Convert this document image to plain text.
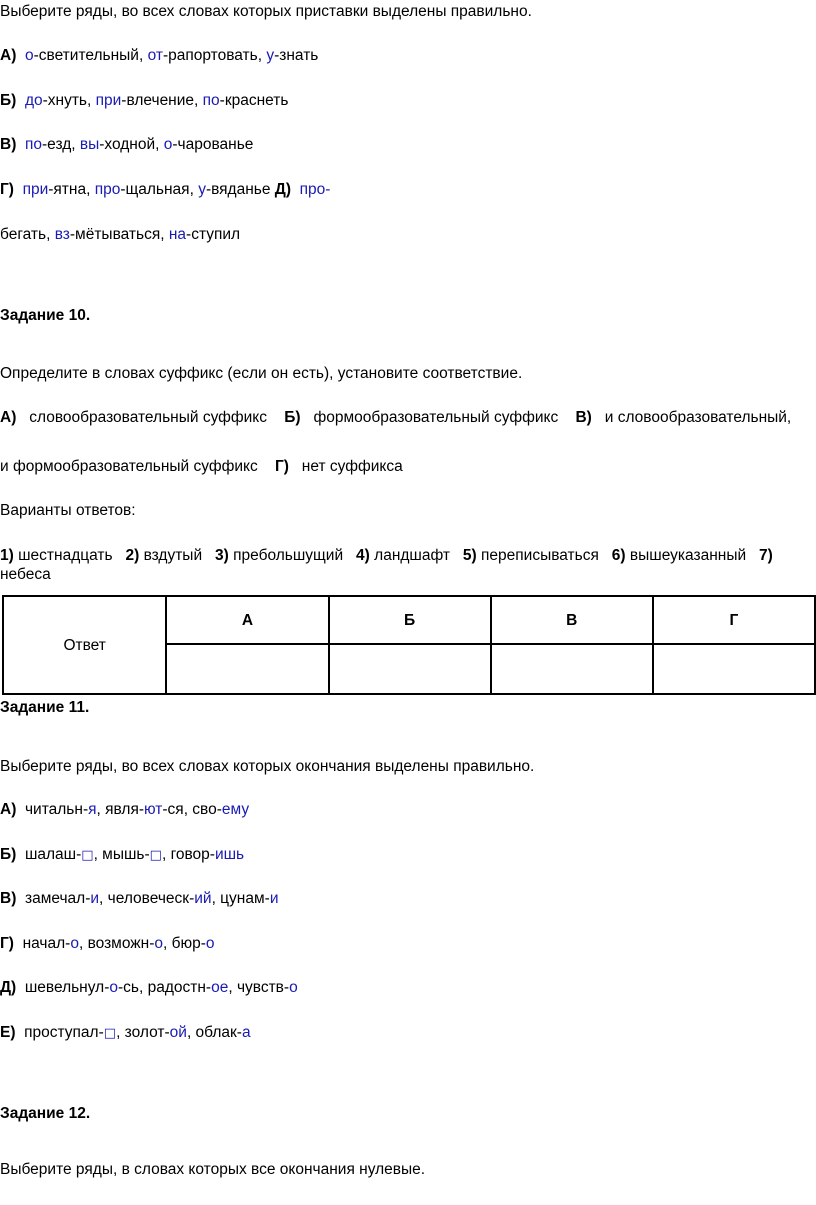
Выберите ряды, во всех словах которых приставки выделены правильно.
А) о-светительный, от-рапортовать, у-знать
Б) до-хнуть, при-влечение, по-краснеть
В) по-езд, вы-ходной, о-чарованье
Г) при-ятна, про-щальная, у-вяданье Д) про-
бегать, вз-мётываться, на-ступил
Задание 10.
Определите в словах суффикс (если он есть), установите соответствие.
А)   словообразовательный суффикс    Б)   формообразовательный суффикс    В)   и словообразовательный,
и формообразовательный суффикс    Г)   нет суффикса
Варианты ответов:
1) шестнадцать   2) вздутый   3) пребольшущий   4) ландшафт   5) переписываться   6) вышеуказанный   7) небеса
Ответ	А	Б	В	Г

Задание 11.
Выберите ряды, во всех словах которых окончания выделены правильно.
А) читальн-я, явля-ют-ся, сво-ему
Б) шалаш-□, мышь-□, говор-ишь
В) замечал-и, человеческ-ий, цунам-и
Г) начал-о, возможн-о, бюр-о
Д) шевельнул-о-сь, радостн-ое, чувств-о
Е) проступал-□, золот-ой, облак-а
Задание 12.
Выберите ряды, в словах которых все окончания нулевые.
